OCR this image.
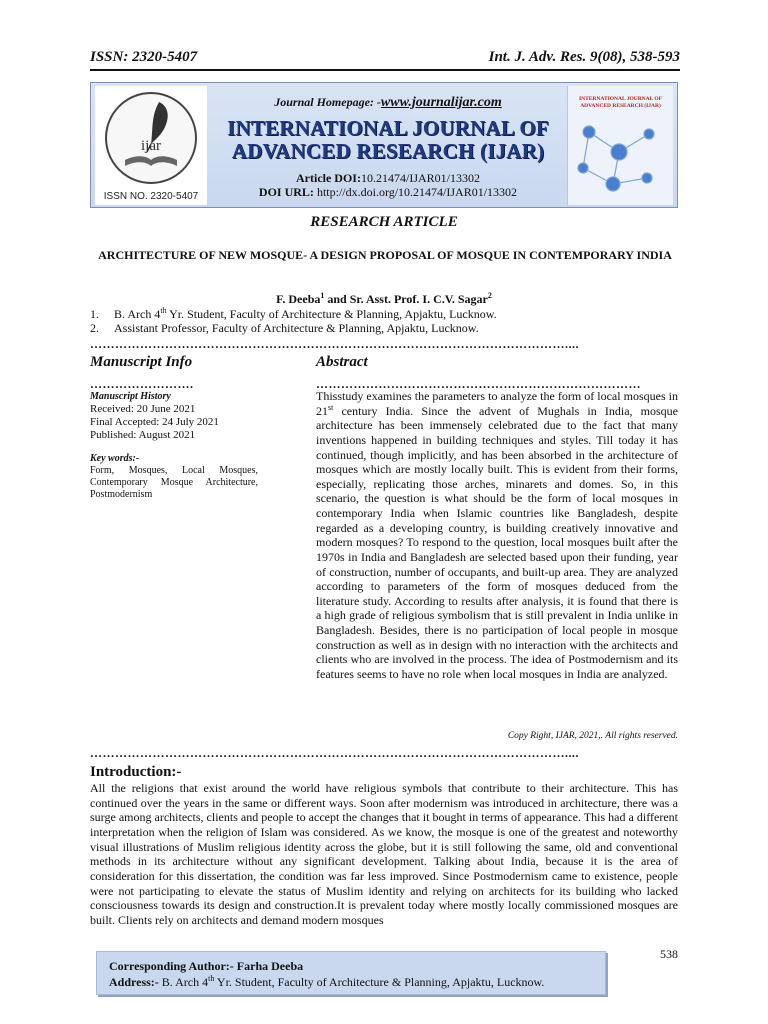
ISSN: 2320-5407	Int. J. Adv. Res. 9(08), 538-593
ijar
ISSN NO. 2320-5407
Journal Homepage: -www.journalijar.com
INTERNATIONAL JOURNAL OF
ADVANCED RESEARCH (IJAR)
Article DOI:10.21474/IJAR01/13302
DOI URL: http://dx.doi.org/10.21474/IJAR01/13302
INTERNATIONAL JOURNAL OF ADVANCED RESEARCH (IJAR)
RESEARCH ARTICLE
ARCHITECTURE OF NEW MOSQUE- A DESIGN PROPOSAL OF MOSQUE IN CONTEMPORARY INDIA
F. Deeba$^1$ and Sr. Asst. Prof. I. C.V. Sagar$^2$
1. B. Arch 4th Yr. Student, Faculty of Architecture & Planning, Apjaktu, Lucknow.
2. Assistant Professor, Faculty of Architecture & Planning, Apjaktu, Lucknow.
……………………………………………………………………………………………………....
Manuscript Info	Abstract
…………………….	……………………………………………………………………
Manuscript History
Received: 20 June 2021
Final Accepted: 24 July 2021
Published: August 2021
Key words:-
Form, Mosques, Local Mosques, Contemporary Mosque Architecture, Postmodernism
Thisstudy examines the parameters to analyze the form of local mosques in 21st century India. Since the advent of Mughals in India, mosque architecture has been immensely celebrated due to the fact that many inventions happened in building techniques and styles. Till today it has continued, though implicitly, and has been absorbed in the architecture of mosques which are mostly locally built. This is evident from their forms, especially, replicating those arches, minarets and domes. So, in this scenario, the question is what should be the form of local mosques in contemporary India when Islamic countries like Bangladesh, despite regarded as a developing country, is building creatively innovative and modern mosques? To respond to the question, local mosques built after the 1970s in India and Bangladesh are selected based upon their funding, year of construction, number of occupants, and built-up area. They are analyzed according to parameters of the form of mosques deduced from the literature study. According to results after analysis, it is found that there is a high grade of religious symbolism that is still prevalent in India unlike in Bangladesh. Besides, there is no participation of local people in mosque construction as well as in design with no interaction with the architects and clients who are involved in the process. The idea of Postmodernism and its features seems to have no role when local mosques in India are analyzed.
Copy Right, IJAR, 2021,. All rights reserved.
……………………………………………………………………………………………………....
Introduction:-
All the religions that exist around the world have religious symbols that contribute to their architecture. This has continued over the years in the same or different ways. Soon after modernism was introduced in architecture, there was a surge among architects, clients and people to accept the changes that it bought in terms of appearance. This had a different interpretation when the religion of Islam was considered. As we know, the mosque is one of the greatest and noteworthy visual illustrations of Muslim religious identity across the globe, but it is still following the same, old and conventional methods in its architecture without any significant development. Talking about India, because it is the area of consideration for this dissertation, the condition was far less improved. Since Postmodernism came to existence, people were not participating to elevate the status of Muslim identity and relying on architects for its building who lacked consciousness towards its design and construction.It is prevalent today where mostly locally commissioned mosques are built. Clients rely on architects and demand modern mosques
538
Corresponding Author:- Farha Deeba
Address:- B. Arch 4th Yr. Student, Faculty of Architecture & Planning, Apjaktu, Lucknow.
